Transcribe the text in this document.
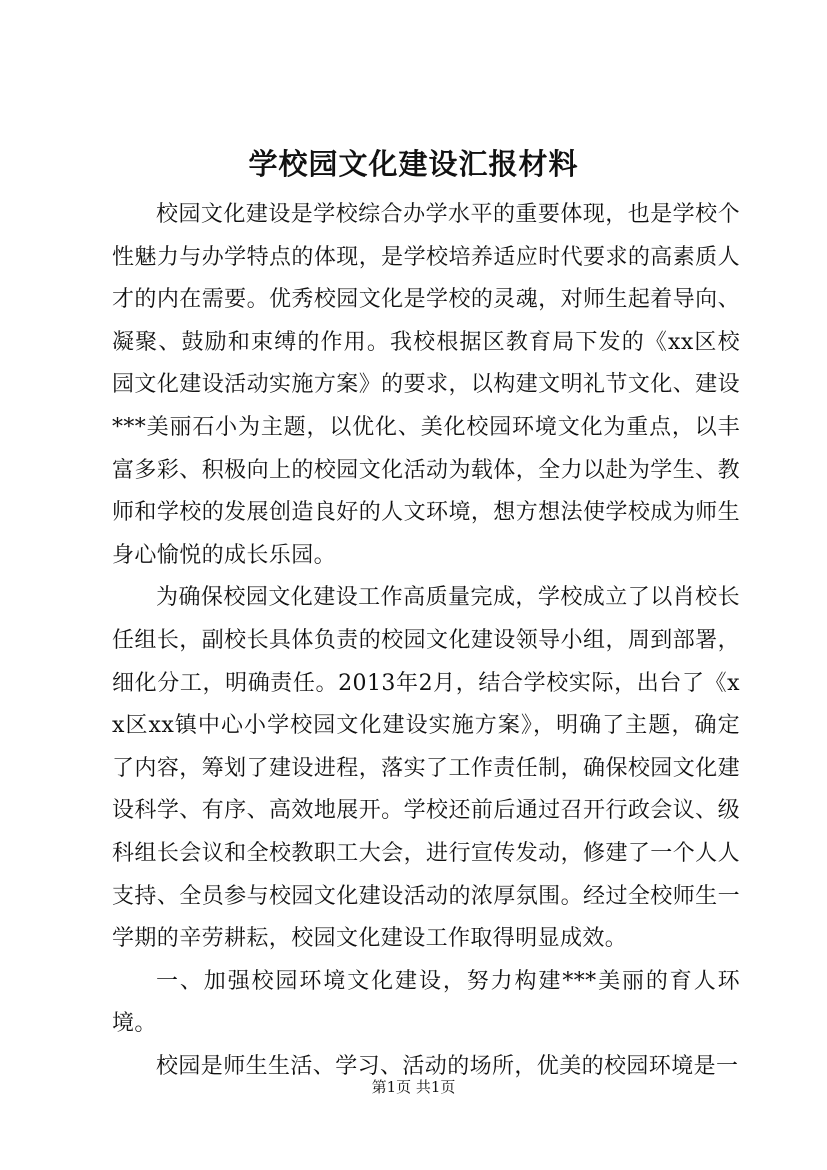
学校园文化建设汇报材料

校园文化建设是学校综合办学水平的重要体现，也是学校个性魅力与办学特点的体现，是学校培养适应时代要求的高素质人才的内在需要。优秀校园文化是学校的灵魂，对师生起着导向、凝聚、鼓励和束缚的作用。我校根据区教育局下发的《xx区校园文化建设活动实施方案》的要求，以构建文明礼节文化、建设***美丽石小为主题，以优化、美化校园环境文化为重点，以丰富多彩、积极向上的校园文化活动为载体，全力以赴为学生、教师和学校的发展创造良好的人文环境，想方想法使学校成为师生身心愉悦的成长乐园。

为确保校园文化建设工作高质量完成，学校成立了以肖校长任组长，副校长具体负责的校园文化建设领导小组，周到部署，细化分工，明确责任。2013年2月，结合学校实际，出台了《xx区xx镇中心小学校园文化建设实施方案》，明确了主题，确定了内容，筹划了建设进程，落实了工作责任制，确保校园文化建设科学、有序、高效地展开。学校还前后通过召开行政会议、级科组长会议和全校教职工大会，进行宣传发动，修建了一个人人支持、全员参与校园文化建设活动的浓厚氛围。经过全校师生一学期的辛劳耕耘，校园文化建设工作取得明显成效。

一、加强校园环境文化建设，努力构建***美丽的育人环境。

校园是师生生活、学习、活动的场所，优美的校园环境是一

第1页 共1页
